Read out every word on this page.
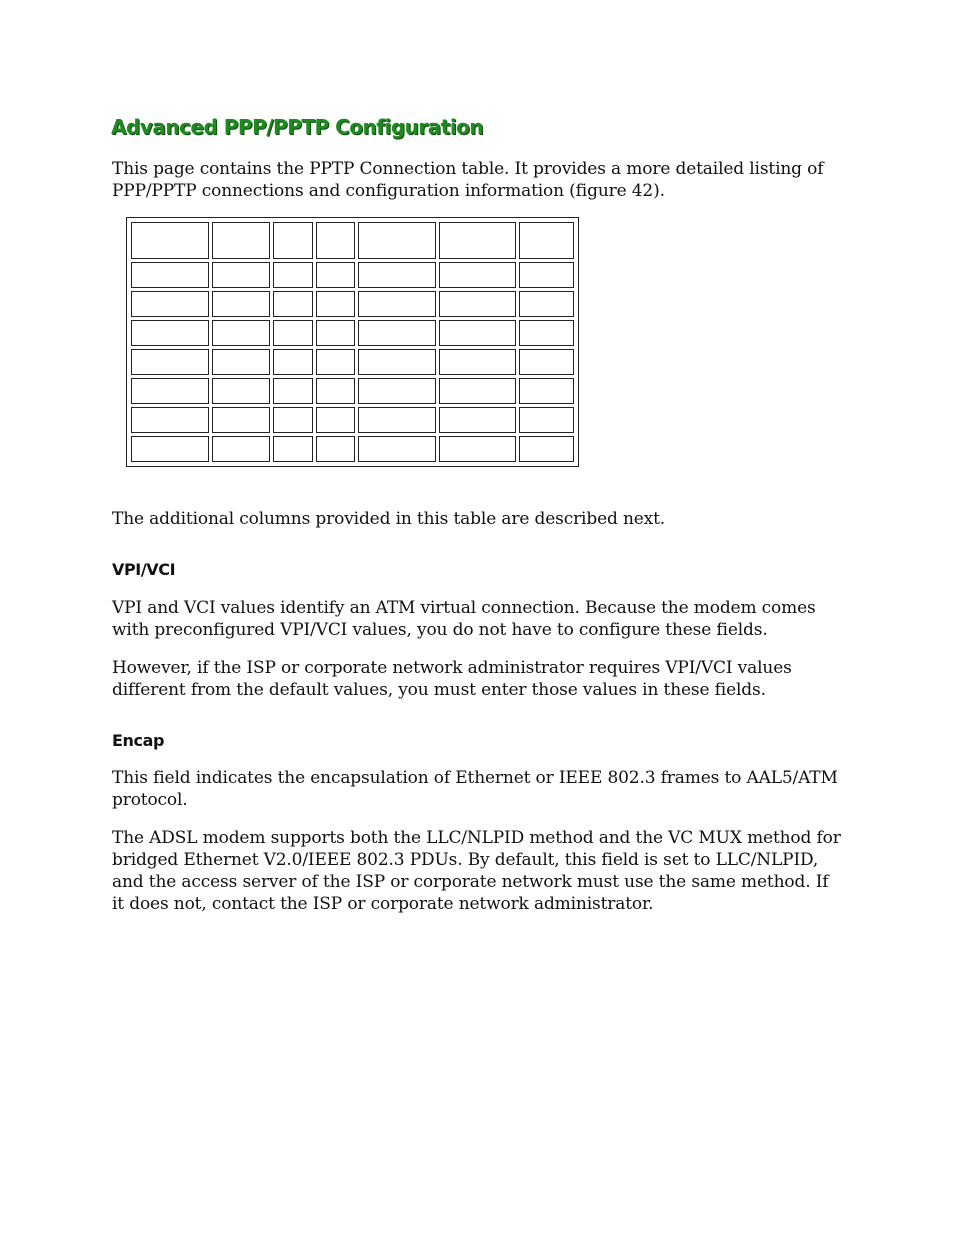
Advanced PPP/PPTP Configuration

This page contains the PPTP Connection table. It provides a more detailed listing of PPP/PPTP connections and configuration information (figure 42).

The additional columns provided in this table are described next.

VPI/VCI

VPI and VCI values identify an ATM virtual connection. Because the modem comes with preconfigured VPI/VCI values, you do not have to configure these fields.

However, if the ISP or corporate network administrator requires VPI/VCI values different from the default values, you must enter those values in these fields.

Encap

This field indicates the encapsulation of Ethernet or IEEE 802.3 frames to AAL5/ATM protocol.

The ADSL modem supports both the LLC/NLPID method and the VC MUX method for bridged Ethernet V2.0/IEEE 802.3 PDUs. By default, this field is set to LLC/NLPID, and the access server of the ISP or corporate network must use the same method. If it does not, contact the ISP or corporate network administrator.
